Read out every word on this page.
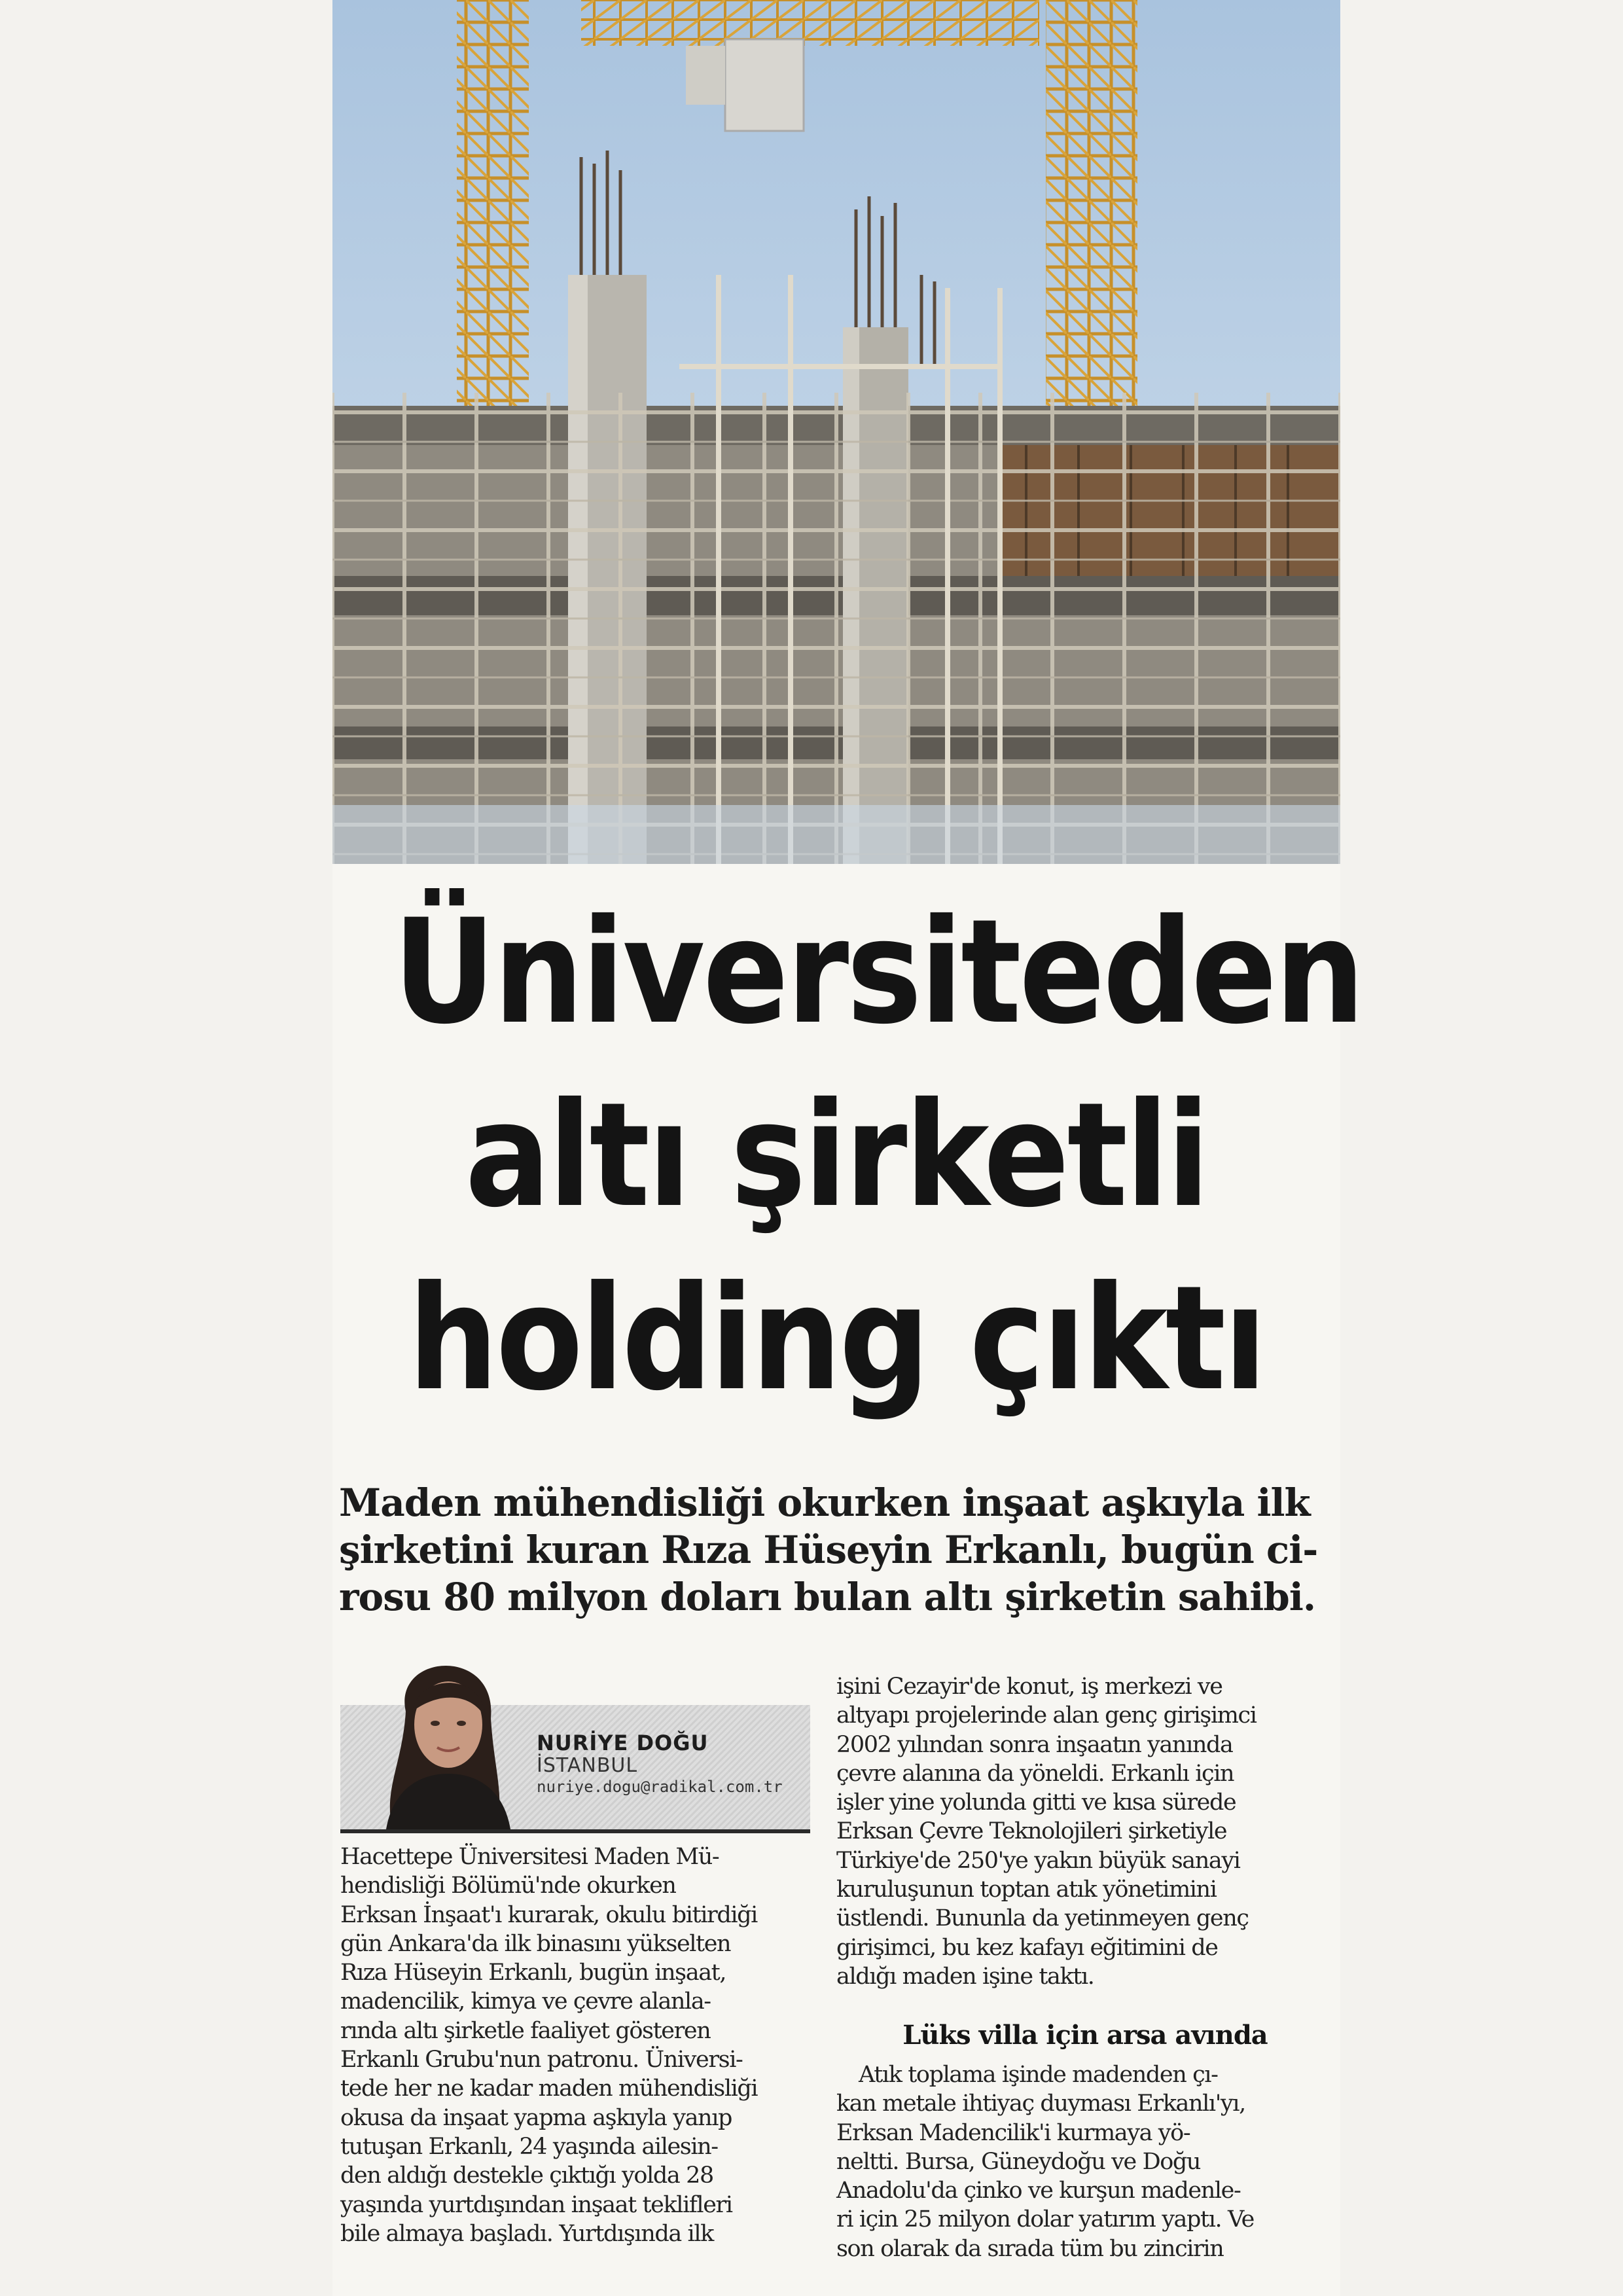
Üniversiteden
altı şirketli
holding çıktı
Maden mühendisliği okurken inşaat aşkıyla ilk
şirketini kuran Rıza Hüseyin Erkanlı, bugün ci-
rosu 80 milyon doları bulan altı şirketin sahibi.
NURİYE DOĞU
İSTANBUL
nuriye.dogu@radikal.com.tr
Hacettepe Üniversitesi Maden Mü-
hendisliği Bölümü'nde okurken
Erksan İnşaat'ı kurarak, okulu bitirdiği
gün Ankara'da ilk binasını yükselten
Rıza Hüseyin Erkanlı, bugün inşaat,
madencilik, kimya ve çevre alanla-
rında altı şirketle faaliyet gösteren
Erkanlı Grubu'nun patronu. Üniversi-
tede her ne kadar maden mühendisliği
okusa da inşaat yapma aşkıyla yanıp
tutuşan Erkanlı, 24 yaşında ailesin-
den aldığı destekle çıktığı yolda 28
yaşında yurtdışından inşaat teklifleri
bile almaya başladı. Yurtdışında ilk
işini Cezayir'de konut, iş merkezi ve
altyapı projelerinde alan genç girişimci
2002 yılından sonra inşaatın yanında
çevre alanına da yöneldi. Erkanlı için
işler yine yolunda gitti ve kısa sürede
Erksan Çevre Teknolojileri şirketiyle
Türkiye'de 250'ye yakın büyük sanayi
kuruluşunun toptan atık yönetimini
üstlendi. Bununla da yetinmeyen genç
girişimci, bu kez kafayı eğitimini de
aldığı maden işine taktı.
Lüks villa için arsa avında
Atık toplama işinde madenden çı-
kan metale ihtiyaç duyması Erkanlı'yı,
Erksan Madencilik'i kurmaya yö-
neltti. Bursa, Güneydoğu ve Doğu
Anadolu'da çinko ve kurşun madenle-
ri için 25 milyon dolar yatırım yaptı. Ve
son olarak da sırada tüm bu zincirin
